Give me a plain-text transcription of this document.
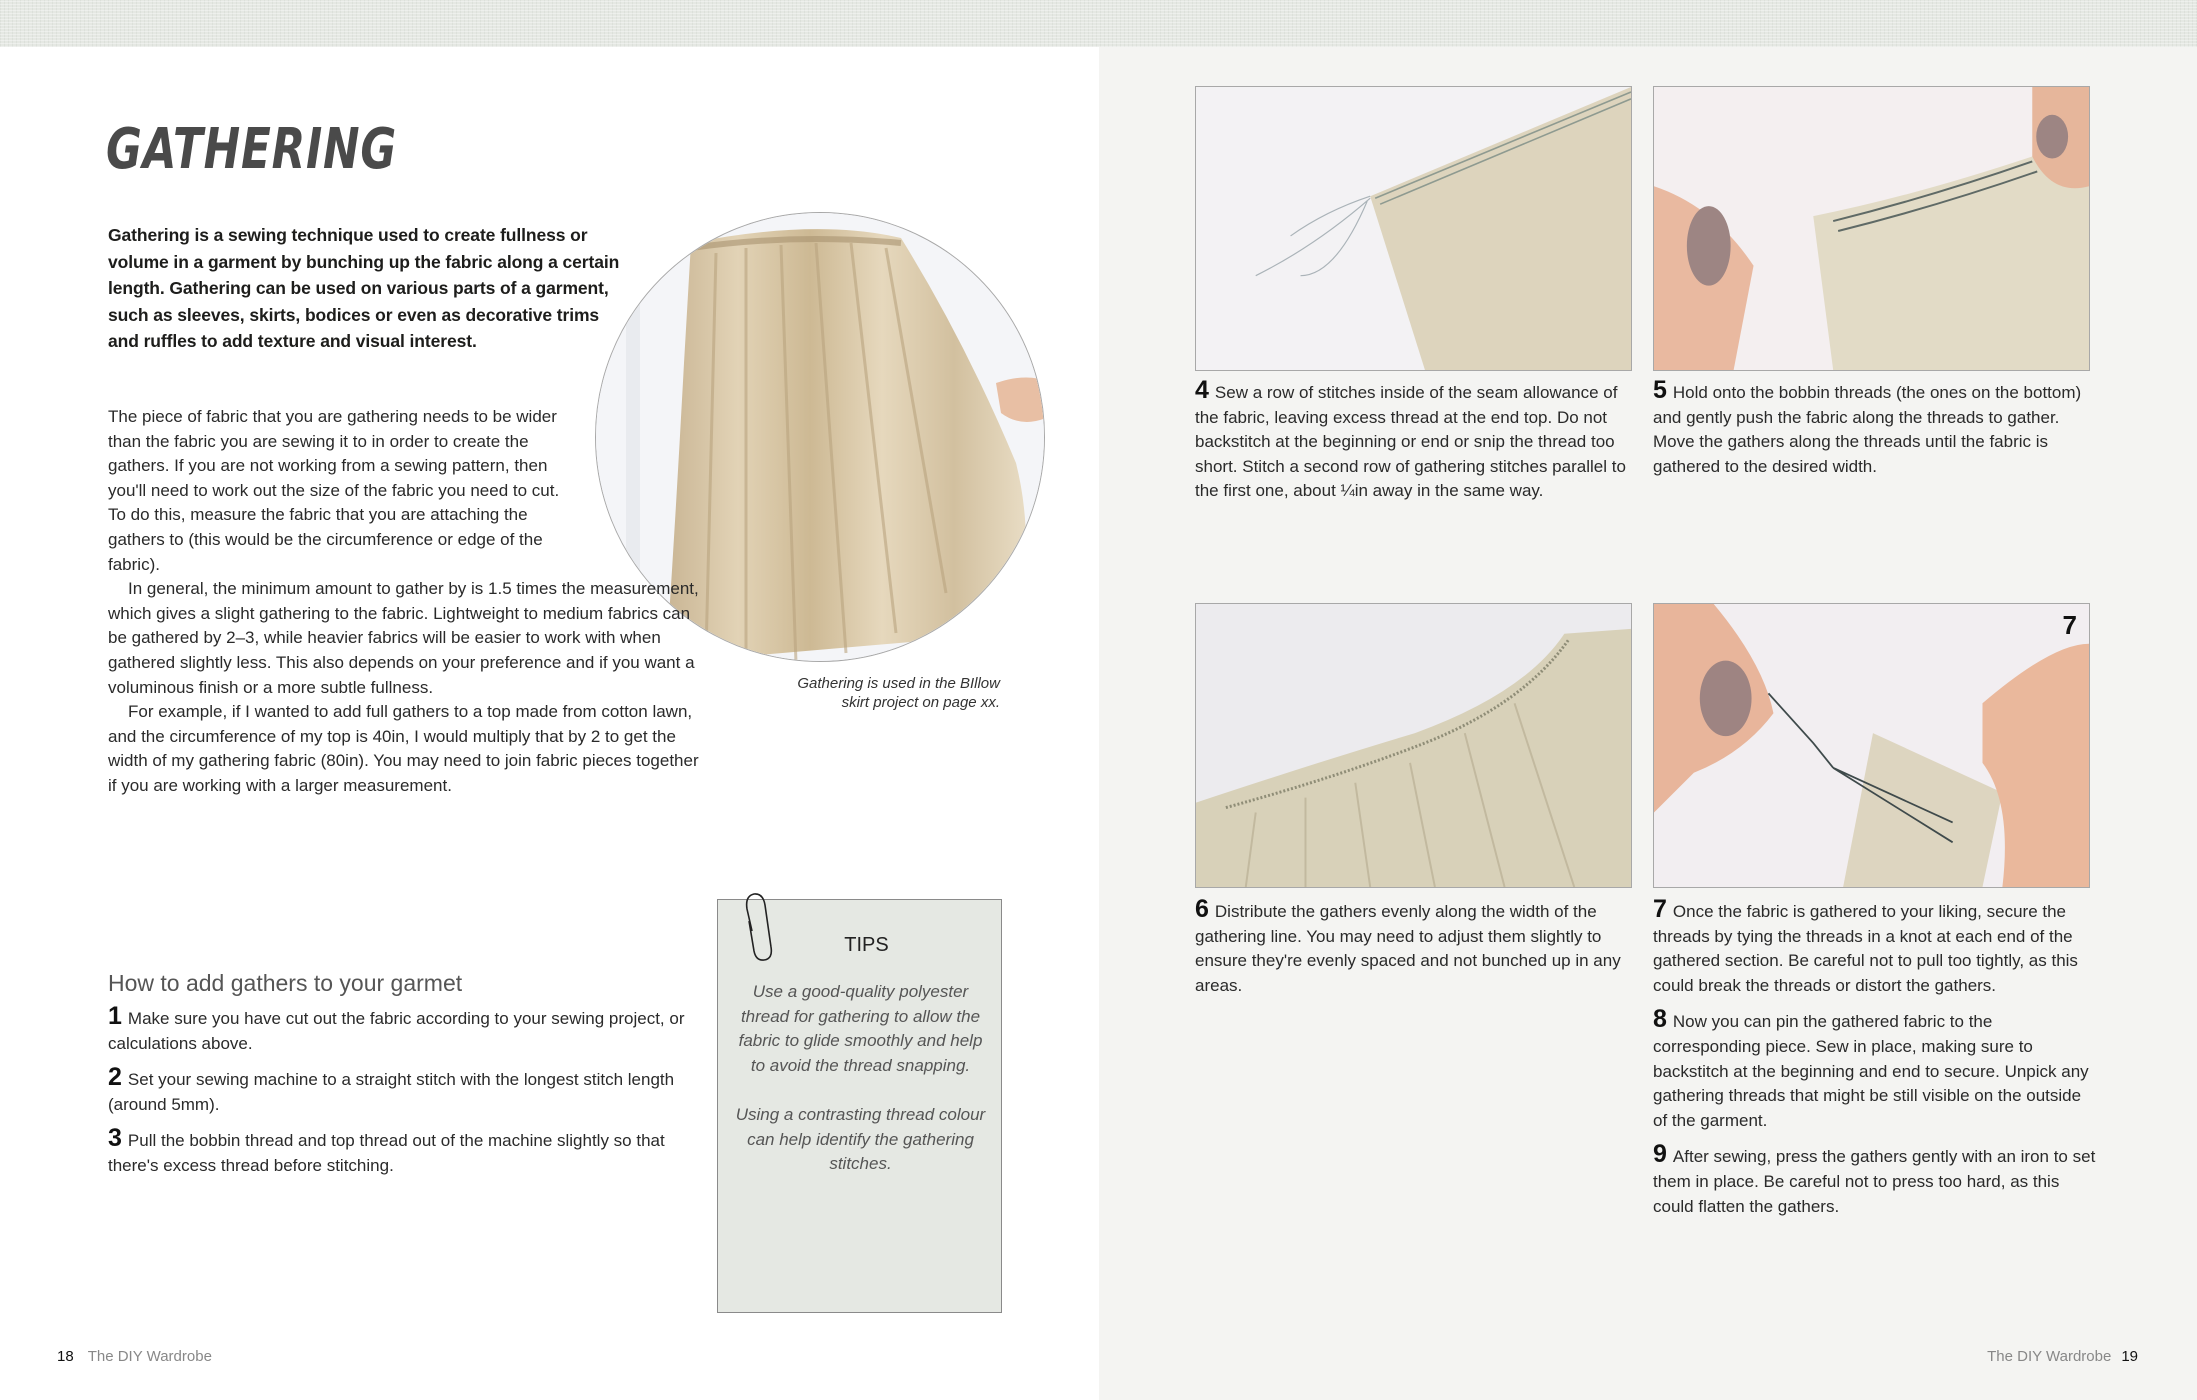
GATHERING

Gathering is a sewing technique used to create fullness or volume in a garment by bunching up the fabric along a certain length. Gathering can be used on various parts of a garment, such as sleeves, skirts, bodices or even as decorative trims and ruffles to add texture and visual interest.

Gathering is used in the BIllow skirt project on page xx.

The piece of fabric that you are gathering needs to be wider than the fabric you are sewing it to in order to create the gathers. If you are not working from a sewing pattern, then you'll need to work out the size of the fabric you need to cut. To do this, measure the fabric that you are attaching the gathers to (this would be the circumference or edge of the fabric).

In general, the minimum amount to gather by is 1.5 times the measurement, which gives a slight gathering to the fabric. Lightweight to medium fabrics can be gathered by 2–3, while heavier fabrics will be easier to work with when gathered slightly less. This also depends on your preference and if you want a voluminous finish or a more subtle fullness.

For example, if I wanted to add full gathers to a top made from cotton lawn, and the circumference of my top is 40in, I would multiply that by 2 to get the width of my gathering fabric (80in). You may need to join fabric pieces together if you are working with a larger measurement.

How to add gathers to your garmet
1 Make sure you have cut out the fabric according to your sewing project, or calculations above.
2 Set your sewing machine to a straight stitch with the longest stitch length (around 5mm).
3 Pull the bobbin thread and top thread out of the machine slightly so that there's excess thread before stitching.
TIPS

Use a good-quality polyester thread for gathering to allow the fabric to glide smoothly and help to avoid the thread snapping.

Using a contrasting thread colour can help identify the gathering stitches.

18 The DIY Wardrobe
4 Sew a row of stitches inside of the seam allowance of the fabric, leaving excess thread at the end top. Do not backstitch at the beginning or end or snip the thread too short. Stitch a second row of gathering stitches parallel to the first one, about ¼in away in the same way.
5 Hold onto the bobbin threads (the ones on the bottom) and gently push the fabric along the threads to gather. Move the gathers along the threads until the fabric is gathered to the desired width.
7
6 Distribute the gathers evenly along the width of the gathering line. You may need to adjust them slightly to ensure they're evenly spaced and not bunched up in any areas.
7 Once the fabric is gathered to your liking, secure the threads by tying the threads in a knot at each end of the gathered section. Be careful not to pull too tightly, as this could break the threads or distort the gathers.
8 Now you can pin the gathered fabric to the corresponding piece. Sew in place, making sure to backstitch at the beginning and end to secure. Unpick any gathering threads that might be still visible on the outside of the garment.
9 After sewing, press the gathers gently with an iron to set them in place. Be careful not to press too hard, as this could flatten the gathers.
The DIY Wardrobe 19
